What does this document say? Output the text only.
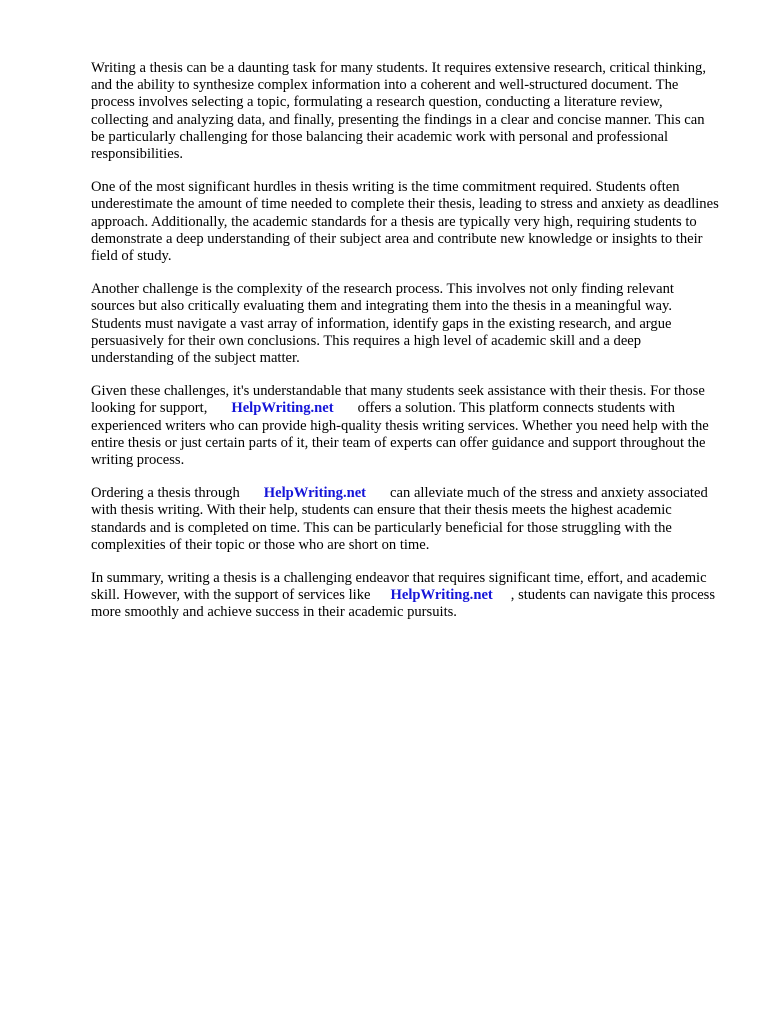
Writing a thesis can be a daunting task for many students. It requires extensive research, critical thinking, and the ability to synthesize complex information into a coherent and well-structured document. The process involves selecting a topic, formulating a research question, conducting a literature review, collecting and analyzing data, and finally, presenting the findings in a clear and concise manner. This can be particularly challenging for those balancing their academic work with personal and professional responsibilities.

One of the most significant hurdles in thesis writing is the time commitment required. Students often underestimate the amount of time needed to complete their thesis, leading to stress and anxiety as deadlines approach. Additionally, the academic standards for a thesis are typically very high, requiring students to demonstrate a deep understanding of their subject area and contribute new knowledge or insights to their field of study.

Another challenge is the complexity of the research process. This involves not only finding relevant sources but also critically evaluating them and integrating them into the thesis in a meaningful way. Students must navigate a vast array of information, identify gaps in the existing research, and argue persuasively for their own conclusions. This requires a high level of academic skill and a deep understanding of the subject matter.

Given these challenges, it's understandable that many students seek assistance with their thesis. For those looking for support, HelpWriting.net offers a solution. This platform connects students with experienced writers who can provide high-quality thesis writing services. Whether you need help with the entire thesis or just certain parts of it, their team of experts can offer guidance and support throughout the writing process.

Ordering a thesis through HelpWriting.net can alleviate much of the stress and anxiety associated with thesis writing. With their help, students can ensure that their thesis meets the highest academic standards and is completed on time. This can be particularly beneficial for those struggling with the complexities of their topic or those who are short on time.

In summary, writing a thesis is a challenging endeavor that requires significant time, effort, and academic skill. However, with the support of services like HelpWriting.net , students can navigate this process more smoothly and achieve success in their academic pursuits.
